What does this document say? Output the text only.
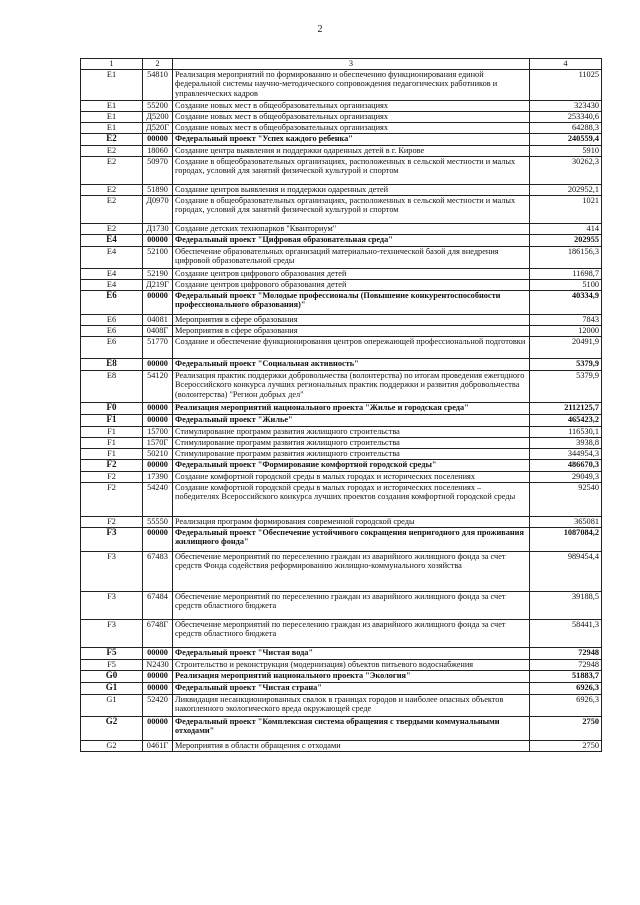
2
1	2	3	4
E1	54810	Реализация мероприятий по формированию и обеспечению функционирования единой федеральной системы научно-методического сопровождения педагогических работников и управленческих кадров	11025
E1	55200	Создание новых мест в общеобразовательных организациях	323430
E1	Д5200	Создание новых мест в общеобразовательных организациях	253340,6
E1	Д520Г	Создание новых мест в общеобразовательных организациях	64288,3
E2	00000	Федеральный проект "Успех каждого ребенка"	240559,4
E2	18060	Создание центра выявления и поддержки одаренных детей в г. Кирове	5910
E2	50970	Создание в общеобразовательных организациях, расположенных в сельской местности и малых городах, условий для занятий физической культурой и спортом	30262,3
E2	51890	Создание центров выявления и поддержки одаренных детей	202952,1
E2	Д0970	Создание в общеобразовательных организациях, расположенных в сельской местности и малых городах, условий для занятий физической культурой и спортом	1021
E2	Д1730	Создание детских технопарков "Кванториум"	414
E4	00000	Федеральный проект "Цифровая образовательная среда"	202955
E4	52100	Обеспечение образовательных организаций материально-технической базой для внедрения цифровой образовательной среды	186156,3
E4	52190	Создание центров цифрового образования детей	11698,7
E4	Д219Г	Создание центров цифрового образования детей	5100
E6	00000	Федеральный проект "Молодые профессионалы (Повышение конкурентоспособности профессионального образования)"	40334,9
E6	04081	Мероприятия в сфере образования	7843
E6	0408Г	Мероприятия в сфере образования	12000
E6	51770	Создание и обеспечение функционирования центров опережающей профессиональной подготовки	20491,9
E8	00000	Федеральный проект "Социальная активность"	5379,9
E8	54120	Реализация практик поддержки добровольчества (волонтерства) по итогам проведения ежегодного Всероссийского конкурса лучших региональных практик поддержки и развития добровольчества (волонтерства) "Регион добрых дел"	5379,9
F0	00000	Реализация мероприятий национального проекта "Жилье и городская среда"	2112125,7
F1	00000	Федеральный проект "Жилье"	465423,2
F1	15700	Стимулирование программ развития жилищного строительства	116530,1
F1	1570Г	Стимулирование программ развития жилищного строительства	3938,8
F1	50210	Стимулирование программ развития жилищного строительства	344954,3
F2	00000	Федеральный проект "Формирование комфортной городской среды"	486670,3
F2	17390	Создание комфортной городской среды в малых городах и исторических поселениях	29049,3
F2	54240	Создание комфортной городской среды в малых городах и исторических поселениях – победителях Всероссийского конкурса лучших проектов создания комфортной городской среды	92540
F2	55550	Реализация программ формирования современной городской среды	365081
F3	00000	Федеральный проект "Обеспечение устойчивого сокращения непригодного для проживания жилищного фонда"	1087084,2
F3	67483	Обеспечение мероприятий по переселению граждан из аварийного жилищного фонда за счет средств Фонда содействия реформированию жилищно-коммунального хозяйства	989454,4
F3	67484	Обеспечение мероприятий по переселению граждан из аварийного жилищного фонда за счет средств областного бюджета	39188,5
F3	6748Г	Обеспечение мероприятий по переселению граждан из аварийного жилищного фонда за счет средств областного бюджета	58441,3
F5	00000	Федеральный проект "Чистая вода"	72948
F5	N2430	Строительство и реконструкция (модернизация) объектов питьевого водоснабжения	72948
G0	00000	Реализация мероприятий национального проекта "Экология"	51883,7
G1	00000	Федеральный проект "Чистая страна"	6926,3
G1	52420	Ликвидация несанкционированных свалок в границах городов и наиболее опасных объектов накопленного экологического вреда окружающей среде	6926,3
G2	00000	Федеральный проект "Комплексная система обращения с твердыми коммунальными отходами"	2750
G2	0461Г	Мероприятия в области обращения с отходами	2750
